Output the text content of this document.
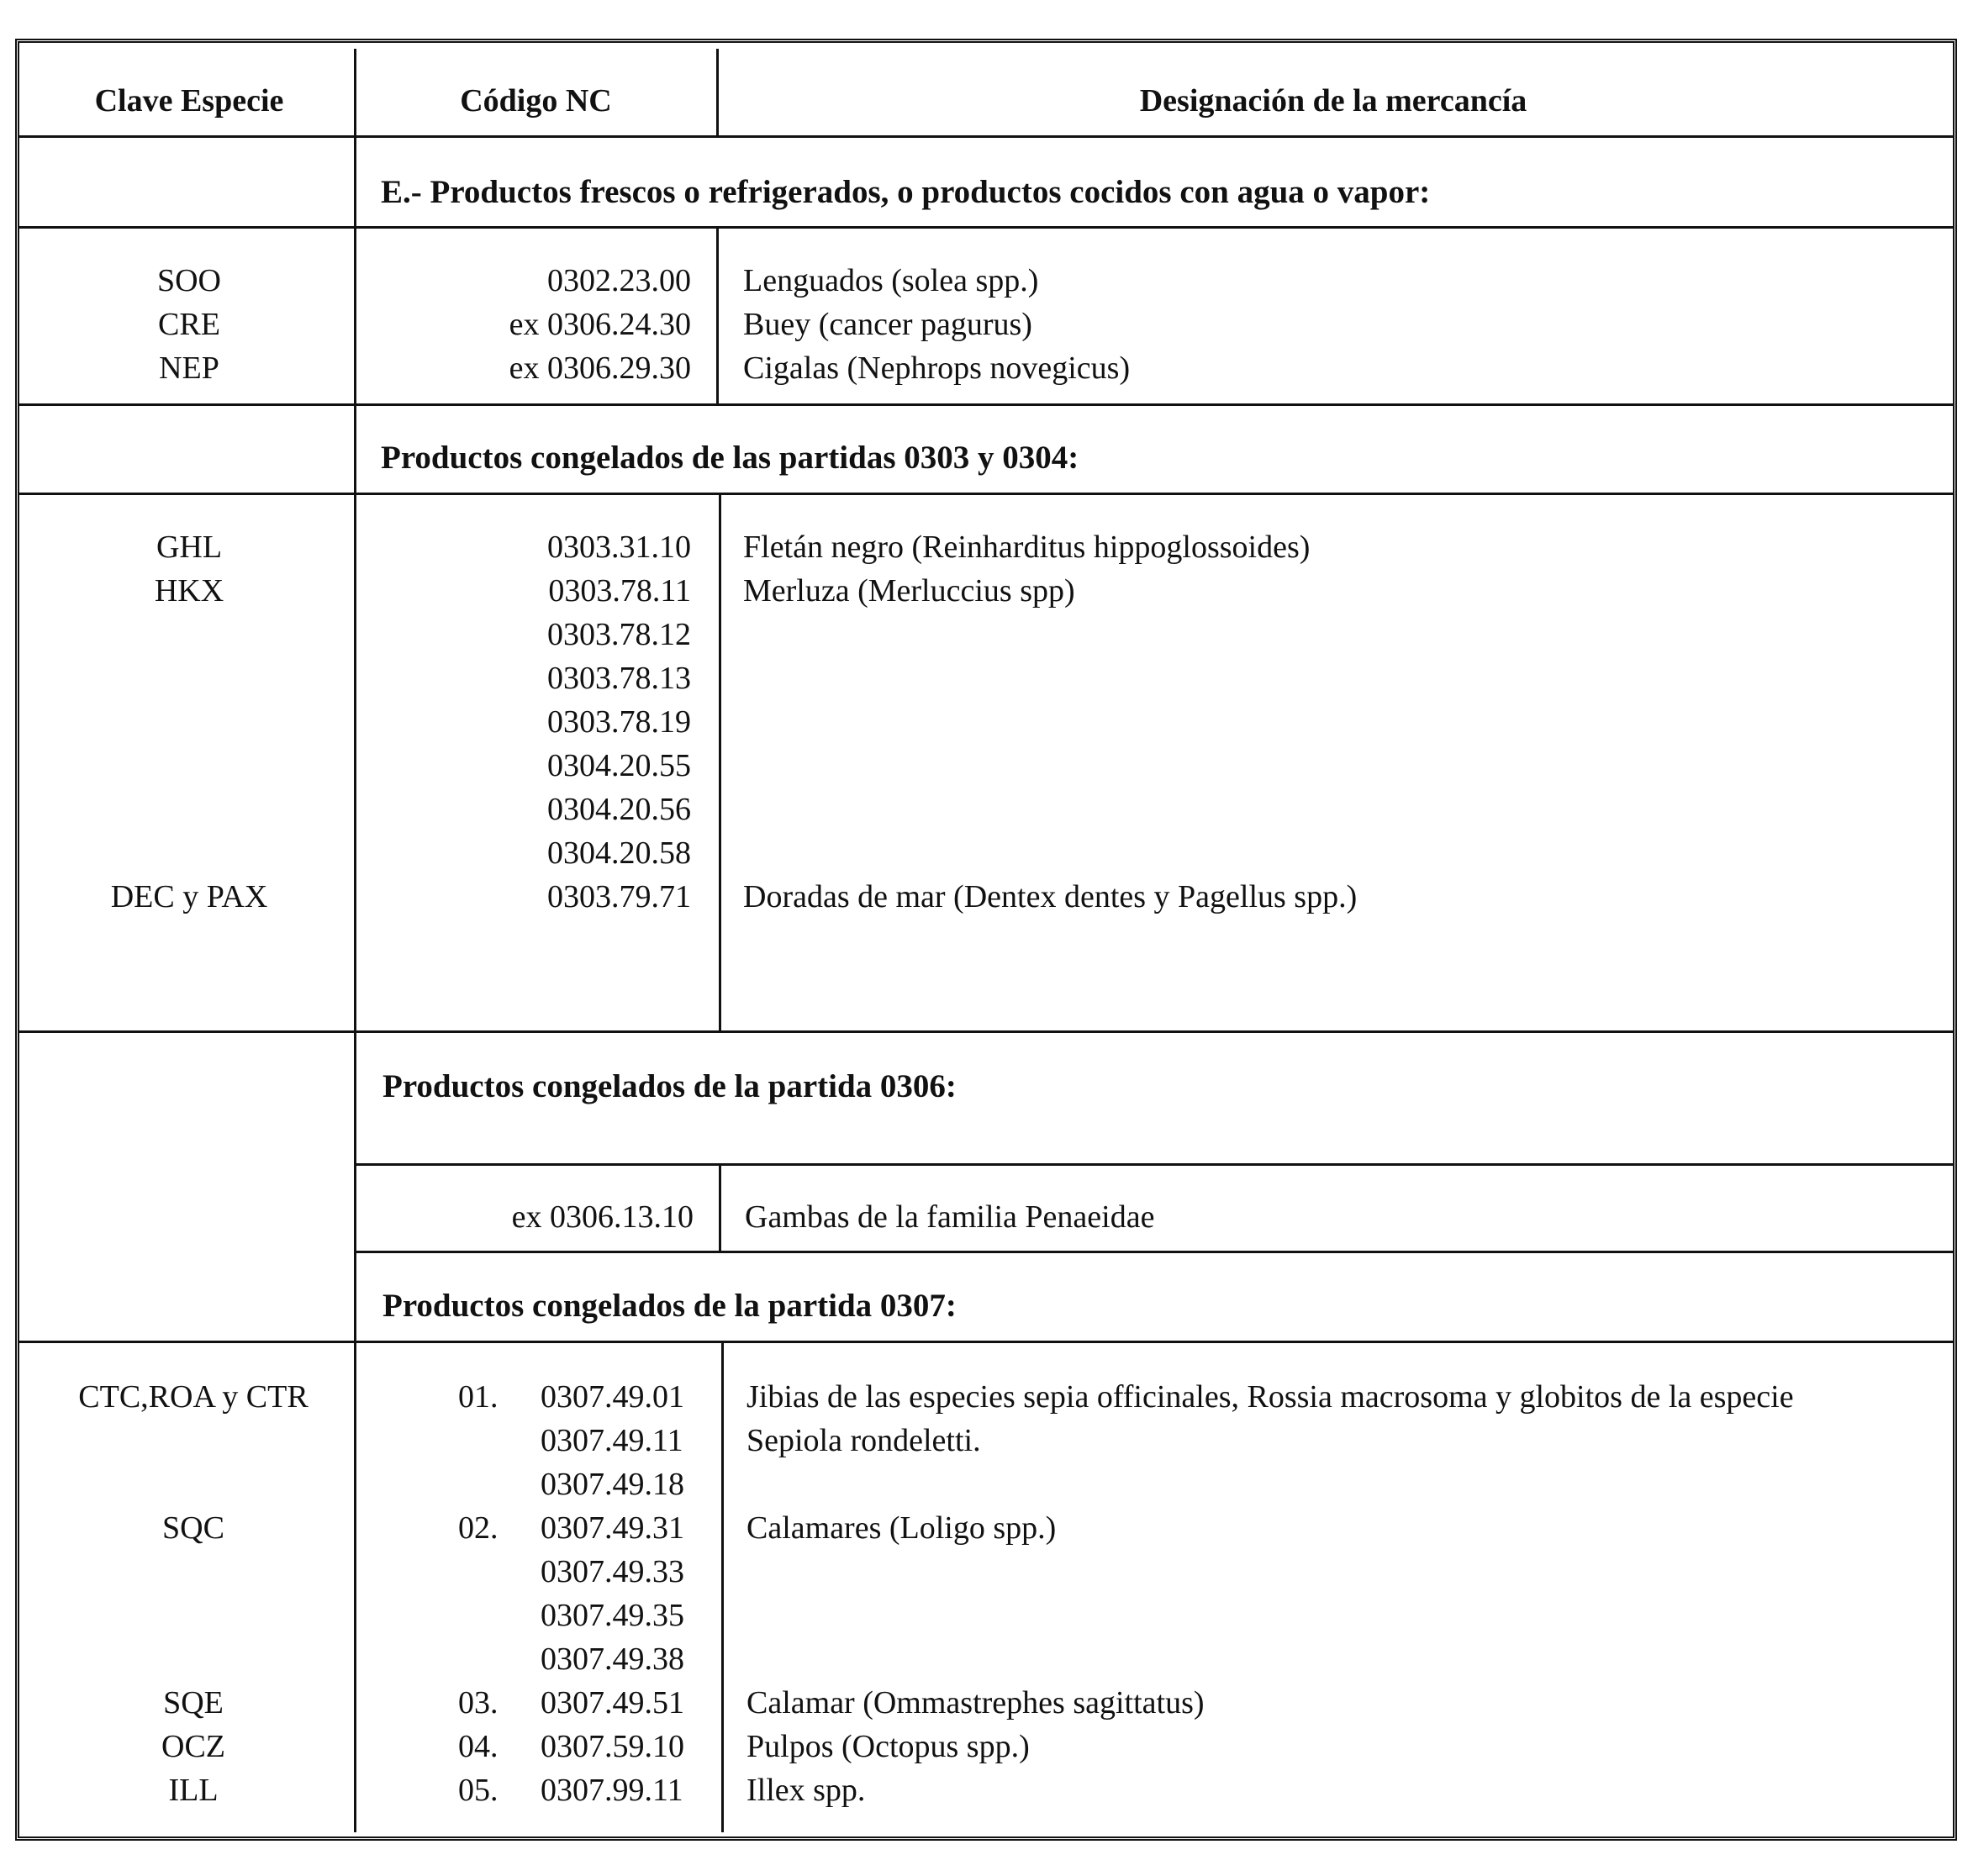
Clave Especie	Código NC	Designación de la mercancía
E.- Productos frescos o refrigerados, o productos cocidos con agua o vapor:
SOO
CRE
NEP
0302.23.00
ex 0306.24.30
ex 0306.29.30
Lenguados (solea spp.)
Buey (cancer pagurus)
Cigalas (Nephrops novegicus)
Productos congelados de las partidas 0303 y 0304:
GHL
HKX
DEC y PAX
0303.31.10
0303.78.11
0303.78.12
0303.78.13
0303.78.19
0304.20.55
0304.20.56
0304.20.58
0303.79.71
Fletán negro (Reinharditus hippoglossoides)
Merluza (Merluccius spp)
Doradas de mar (Dentex dentes y Pagellus spp.)
Productos congelados de la partida 0306:
ex 0306.13.10 Gambas de la familia Penaeidae
Productos congelados de la partida 0307:
CTC,ROA y CTR
SQC
SQE
OCZ
ILL
01.
02.
03.
04.
05.
0307.49.01
0307.49.11
0307.49.18
0307.49.31
0307.49.33
0307.49.35
0307.49.38
0307.49.51
0307.59.10
0307.99.11
Jibias de las especies sepia officinales, Rossia macrosoma y globitos de la especie
Sepiola rondeletti.
Calamares (Loligo spp.)
Calamar (Ommastrephes sagittatus)
Pulpos (Octopus spp.)
Illex spp.
